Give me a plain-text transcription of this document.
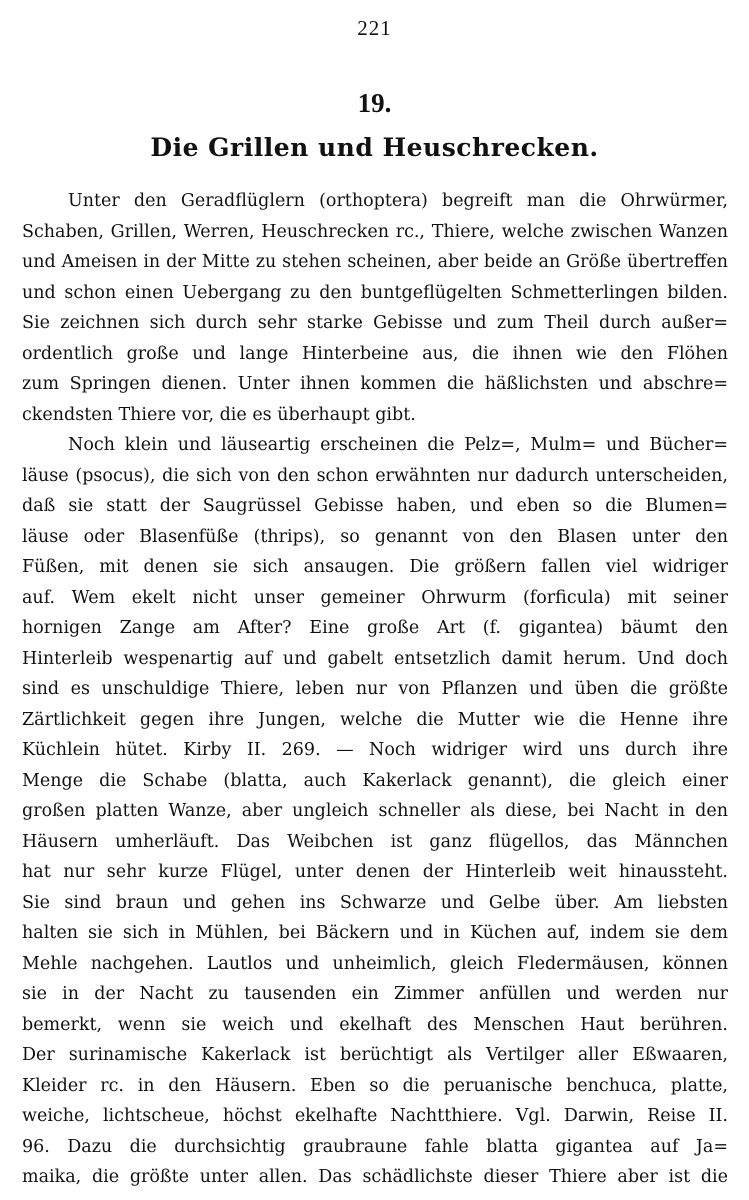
221
19.
Die Grillen und Heuschrecken.
Unter den Geradflüglern (orthoptera) begreift man die Ohrwürmer,
Schaben, Grillen, Werren, Heuschrecken rc., Thiere, welche zwischen Wanzen
und Ameisen in der Mitte zu stehen scheinen, aber beide an Größe übertreffen
und schon einen Uebergang zu den buntgeflügelten Schmetterlingen bilden.
Sie zeichnen sich durch sehr starke Gebisse und zum Theil durch außer=
ordentlich große und lange Hinterbeine aus, die ihnen wie den Flöhen
zum Springen dienen. Unter ihnen kommen die häßlichsten und abschre=
ckendsten Thiere vor, die es überhaupt gibt.
Noch klein und läuseartig erscheinen die Pelz=, Mulm= und Bücher=
läuse (psocus), die sich von den schon erwähnten nur dadurch unterscheiden,
daß sie statt der Saugrüssel Gebisse haben, und eben so die Blumen=
läuse oder Blasenfüße (thrips), so genannt von den Blasen unter den
Füßen, mit denen sie sich ansaugen. Die größern fallen viel widriger
auf. Wem ekelt nicht unser gemeiner Ohrwurm (forficula) mit seiner
hornigen Zange am After? Eine große Art (f. gigantea) bäumt den
Hinterleib wespenartig auf und gabelt entsetzlich damit herum. Und doch
sind es unschuldige Thiere, leben nur von Pflanzen und üben die größte
Zärtlichkeit gegen ihre Jungen, welche die Mutter wie die Henne ihre
Küchlein hütet. Kirby II. 269. — Noch widriger wird uns durch ihre
Menge die Schabe (blatta, auch Kakerlack genannt), die gleich einer
großen platten Wanze, aber ungleich schneller als diese, bei Nacht in den
Häusern umherläuft. Das Weibchen ist ganz flügellos, das Männchen
hat nur sehr kurze Flügel, unter denen der Hinterleib weit hinaussteht.
Sie sind braun und gehen ins Schwarze und Gelbe über. Am liebsten
halten sie sich in Mühlen, bei Bäckern und in Küchen auf, indem sie dem
Mehle nachgehen. Lautlos und unheimlich, gleich Fledermäusen, können
sie in der Nacht zu tausenden ein Zimmer anfüllen und werden nur
bemerkt, wenn sie weich und ekelhaft des Menschen Haut berühren.
Der surinamische Kakerlack ist berüchtigt als Vertilger aller Eßwaaren,
Kleider rc. in den Häusern. Eben so die peruanische benchuca, platte,
weiche, lichtscheue, höchst ekelhafte Nachtthiere. Vgl. Darwin, Reise II.
96. Dazu die durchsichtig graubraune fahle blatta gigantea auf Ja=
maika, die größte unter allen. Das schädlichste dieser Thiere aber ist die
